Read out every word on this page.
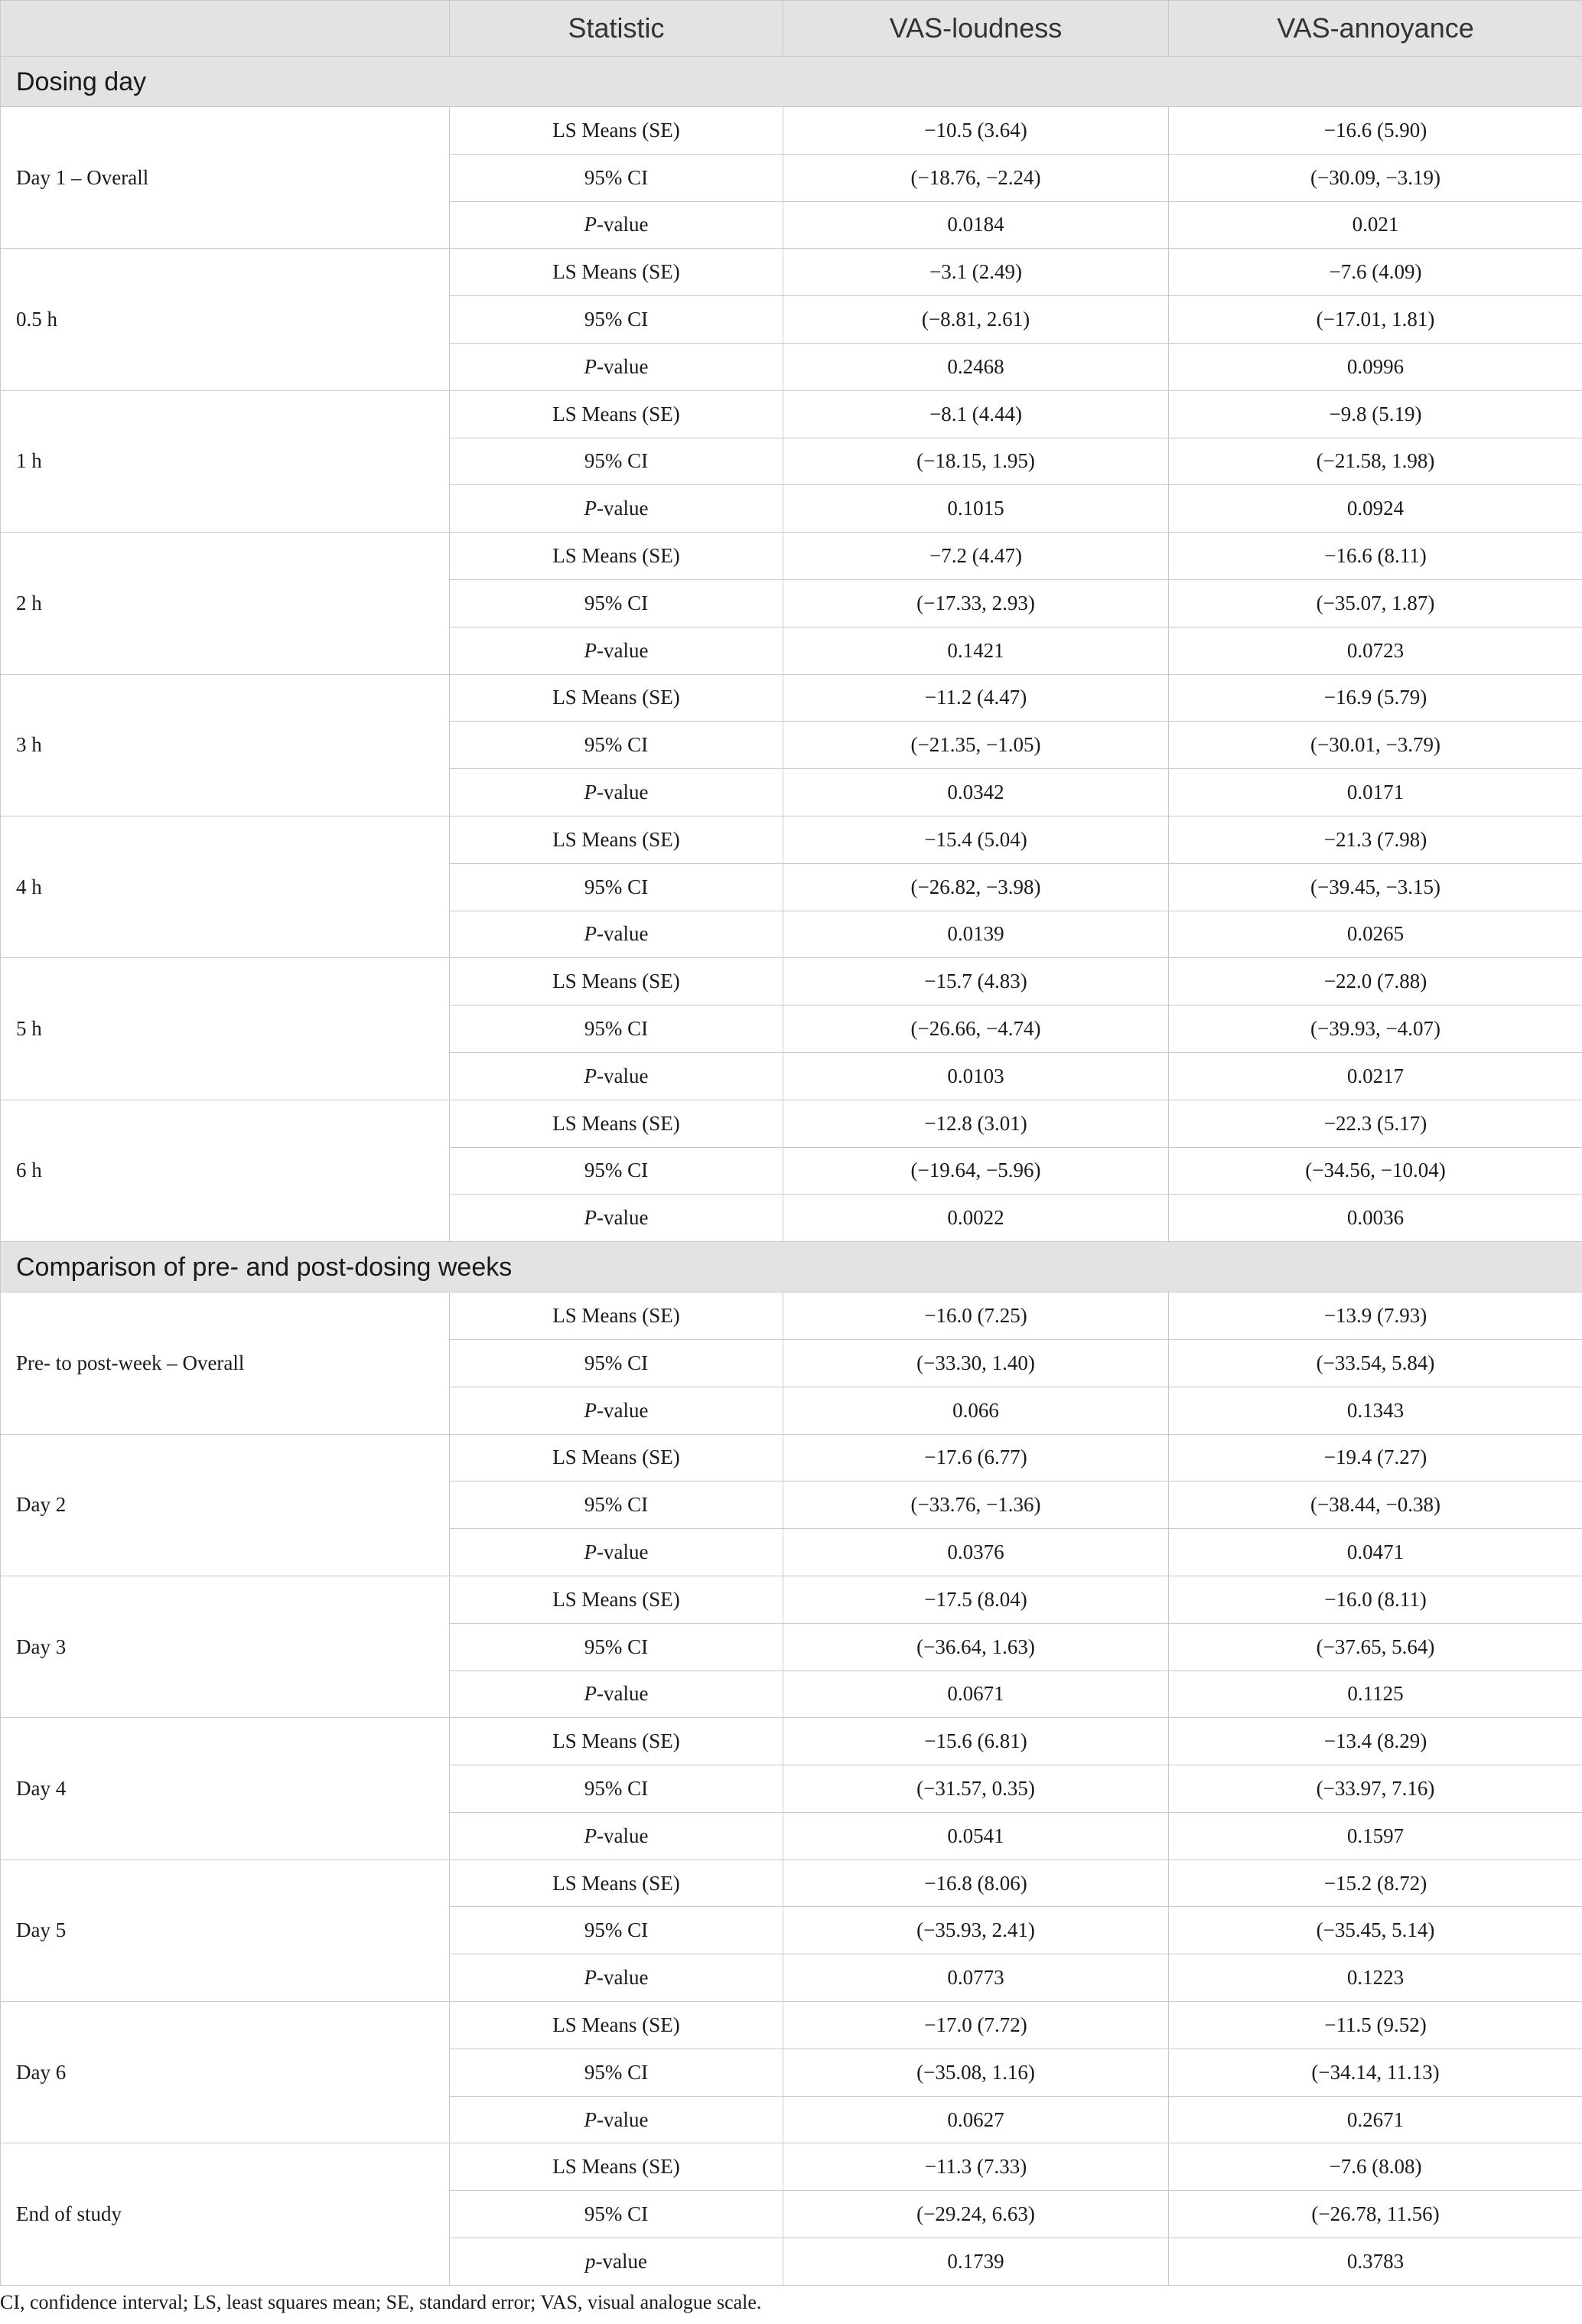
	Statistic	VAS-loudness	VAS-annoyance
Dosing day			
Day 1 – Overall	LS Means (SE)	−10.5 (3.64)	−16.6 (5.90)
	95% CI	(−18.76, −2.24)	(−30.09, −3.19)
	P-value	0.0184	0.021
0.5 h	LS Means (SE)	−3.1 (2.49)	−7.6 (4.09)
	95% CI	(−8.81, 2.61)	(−17.01, 1.81)
	P-value	0.2468	0.0996
1 h	LS Means (SE)	−8.1 (4.44)	−9.8 (5.19)
	95% CI	(−18.15, 1.95)	(−21.58, 1.98)
	P-value	0.1015	0.0924
2 h	LS Means (SE)	−7.2 (4.47)	−16.6 (8.11)
	95% CI	(−17.33, 2.93)	(−35.07, 1.87)
	P-value	0.1421	0.0723
3 h	LS Means (SE)	−11.2 (4.47)	−16.9 (5.79)
	95% CI	(−21.35, −1.05)	(−30.01, −3.79)
	P-value	0.0342	0.0171
4 h	LS Means (SE)	−15.4 (5.04)	−21.3 (7.98)
	95% CI	(−26.82, −3.98)	(−39.45, −3.15)
	P-value	0.0139	0.0265
5 h	LS Means (SE)	−15.7 (4.83)	−22.0 (7.88)
	95% CI	(−26.66, −4.74)	(−39.93, −4.07)
	P-value	0.0103	0.0217
6 h	LS Means (SE)	−12.8 (3.01)	−22.3 (5.17)
	95% CI	(−19.64, −5.96)	(−34.56, −10.04)
	P-value	0.0022	0.0036
Comparison of pre- and post-dosing weeks			
Pre- to post-week – Overall	LS Means (SE)	−16.0 (7.25)	−13.9 (7.93)
	95% CI	(−33.30, 1.40)	(−33.54, 5.84)
	P-value	0.066	0.1343
Day 2	LS Means (SE)	−17.6 (6.77)	−19.4 (7.27)
	95% CI	(−33.76, −1.36)	(−38.44, −0.38)
	P-value	0.0376	0.0471
Day 3	LS Means (SE)	−17.5 (8.04)	−16.0 (8.11)
	95% CI	(−36.64, 1.63)	(−37.65, 5.64)
	P-value	0.0671	0.1125
Day 4	LS Means (SE)	−15.6 (6.81)	−13.4 (8.29)
	95% CI	(−31.57, 0.35)	(−33.97, 7.16)
	P-value	0.0541	0.1597
Day 5	LS Means (SE)	−16.8 (8.06)	−15.2 (8.72)
	95% CI	(−35.93, 2.41)	(−35.45, 5.14)
	P-value	0.0773	0.1223
Day 6	LS Means (SE)	−17.0 (7.72)	−11.5 (9.52)
	95% CI	(−35.08, 1.16)	(−34.14, 11.13)
	P-value	0.0627	0.2671
End of study	LS Means (SE)	−11.3 (7.33)	−7.6 (8.08)
	95% CI	(−29.24, 6.63)	(−26.78, 11.56)
	p-value	0.1739	0.3783
CI, confidence interval; LS, least squares mean; SE, standard error; VAS, visual analogue scale.
